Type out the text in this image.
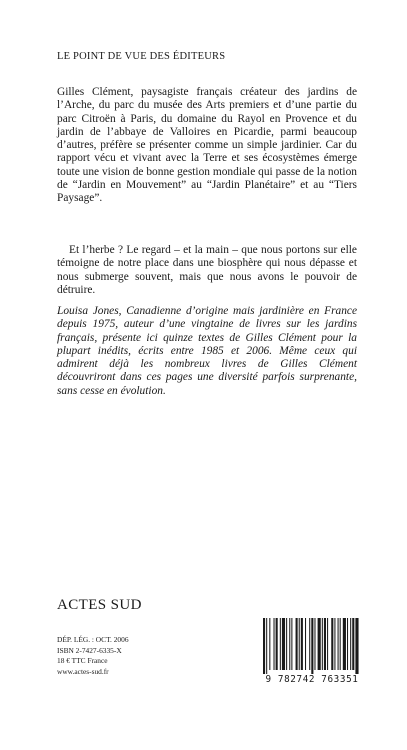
LE POINT DE VUE DES ÉDITEURS

Gilles Clément, paysagiste français créateur des jardins de l’Arche, du parc du musée des Arts premiers et d’une partie du parc Citroën à Paris, du domaine du Rayol en Provence et du jardin de l’abbaye de Valloires en Picardie, parmi beaucoup d’autres, préfère se présenter comme un simple jardinier. Car du rapport vécu et vivant avec la Terre et ses écosystèmes émerge toute une vision de bonne gestion mondiale qui passe de la notion de “Jardin en Mouvement” au “Jardin Planétaire” et au “Tiers Paysage”.

Et l’herbe ? Le regard – et la main – que nous portons sur elle témoigne de notre place dans une biosphère qui nous dépasse et nous submerge souvent, mais que nous avons le pouvoir de détruire.

Louisa Jones, Canadienne d’origine mais jardinière en France depuis 1975, auteur d’une vingtaine de livres sur les jardins français, présente ici quinze textes de Gilles Clément pour la plupart inédits, écrits entre 1985 et 2006. Même ceux qui admirent déjà les nombreux livres de Gilles Clément découvriront dans ces pages une diversité parfois surprenante, sans cesse en évolution.

ACTES SUD
DÉP. LÉG. : OCT. 2006
ISBN 2-7427-6335-X
18 € TTC France
www.actes-sud.fr
9 782742 763351
